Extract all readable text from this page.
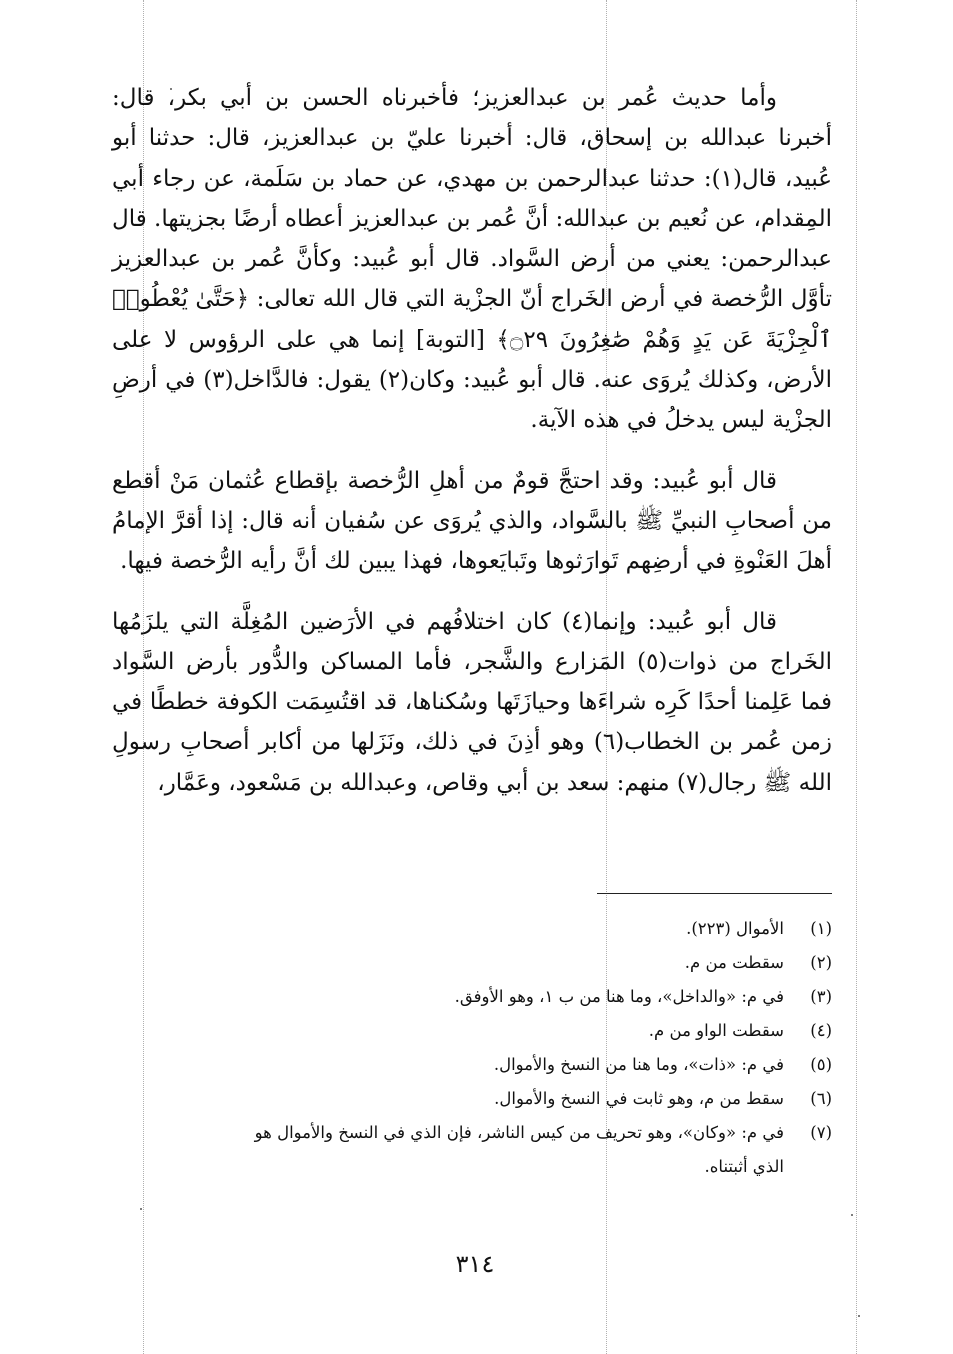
وأما حديث عُمر بن عبدالعزيز؛ فأخبرناه الحسن بن أبي بكر، قال: أخبرنا عبدالله بن إسحاق، قال: أخبرنا عليّ بن عبدالعزيز، قال: حدثنا أبو عُبيد، قال(١): حدثنا عبدالرحمن بن مهدي، عن حماد بن سَلَمة، عن رجاء أبي المِقدام، عن نُعيم بن عبدالله: أنَّ عُمر بن عبدالعزيز أعطاه أرضًا بجزيتها. قال عبدالرحمن: يعني من أرض السَّواد. قال أبو عُبيد: وكأنَّ عُمر بن عبدالعزيز تأوَّل الرُّخصة في أرض الخَراج أنّ الجزْية التي قال الله تعالى: ﴿حَتَّىٰ يُعْطُوا۟ ٱلْجِزْيَةَ عَن يَدٍ وَهُمْ صَٰغِرُونَ ۝٢٩﴾ [التوبة] إنما هي على الرؤوس لا على الأرض، وكذلك يُروَى عنه. قال أبو عُبيد: وكان(٢) يقول: فالدَّاخل(٣) في أرضِ الجزْية ليس يدخلُ في هذه الآية.

قال أبو عُبيد: وقد احتجَّ قومٌ من أهلِ الرُّخصة بإقطاع عُثمان مَنْ أقطع من أصحابِ النبيِّ ﷺ بالسَّواد، والذي يُروَى عن سُفيان أنه قال: إذا أقرَّ الإمامُ أهلَ العَنْوةِ في أرضِهم تَوارَثوها وتَبايَعوها، فهذا يبين لك أنَّ رأيه الرُّخصة فيها.

قال أبو عُبيد: وإنما(٤) كان اختلافُهم في الأرَضين المُغِلَّة التي يلزَمُها الخَراج من ذوات(٥) المَزارع والشَّجر، فأما المساكن والدُّور بأرض السَّواد فما عَلِمنا أحدًا كَرِه شراءَها وحيازَتَها وسُكناها، قد اقتُسِمَت الكوفة خططًا في زمن عُمر بن الخطاب(٦) وهو أذِنَ في ذلك، ونَزَلها من أكابر أصحابِ رسولِ الله ﷺ رجال(٧) منهم: سعد بن أبي وقاص، وعبدالله بن مَسْعود، وعَمَّار،

(١)
الأموال (٢٢٣).
(٢)
سقطت من م.
(٣)
في م: «والداخل»، وما هنا من ب ١، وهو الأوفق.
(٤)
سقطت الواو من م.
(٥)
في م: «ذات»، وما هنا من النسخ والأموال.
(٦)
سقط من م، وهو ثابت في النسخ والأموال.
(٧)
في م: «وكان»، وهو تحريف من كيس الناشر، فإن الذي في النسخ والأموال هو
الذي أثبتناه.
٣١٤
